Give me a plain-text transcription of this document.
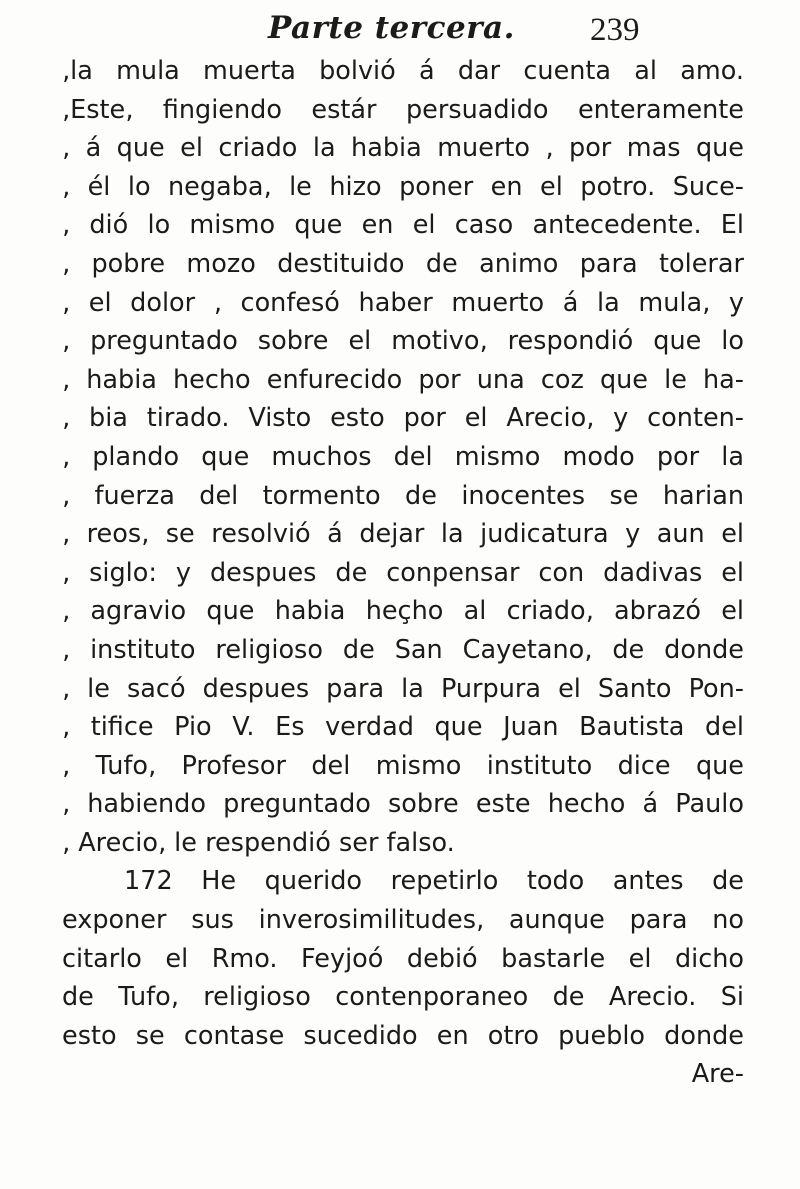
Parte tercera. 239
‚la mula muerta bolvió á dar cuenta al amo.
‚Este‚ fingiendo estár persuadido enteramente
‚ á que el criado la habia muerto ‚ por mas que
‚ él lo negaba‚ le hizo poner en el potro. Suce-
‚ dió lo mismo que en el caso antecedente. El
‚ pobre mozo destituido de animo para tolerar
‚ el dolor ‚ confesó haber muerto á la mula‚ y
‚ preguntado sobre el motivo‚ respondió que lo
‚ habia hecho enfurecido por una coz que le ha-
‚ bia tirado. Visto esto por el Arecio‚ y conten-
‚ plando que muchos del mismo modo por la
‚ fuerza del tormento de inocentes se harian
‚ reos‚ se resolvió á dejar la judicatura y aun el
‚ siglo: y despues de conpensar con dadivas el
‚ agravio que habia heçho al criado‚ abrazó el
‚ instituto religioso de San Cayetano‚ de donde
‚ le sacó despues para la Purpura el Santo Pon-
‚ tifice Pio V. Es verdad que Juan Bautista del
‚ Tufo‚ Profesor del mismo instituto dice que
‚ habiendo preguntado sobre este hecho á Paulo
‚ Arecio‚ le respendió ser falso.
172 He querido repetirlo todo antes de
exponer sus inverosimilitudes‚ aunque para no
citarlo el Rmo. Feyjoó debió bastarle el dicho
de Tufo‚ religioso contenporaneo de Arecio. Si
esto se contase sucedido en otro pueblo donde
Are-
